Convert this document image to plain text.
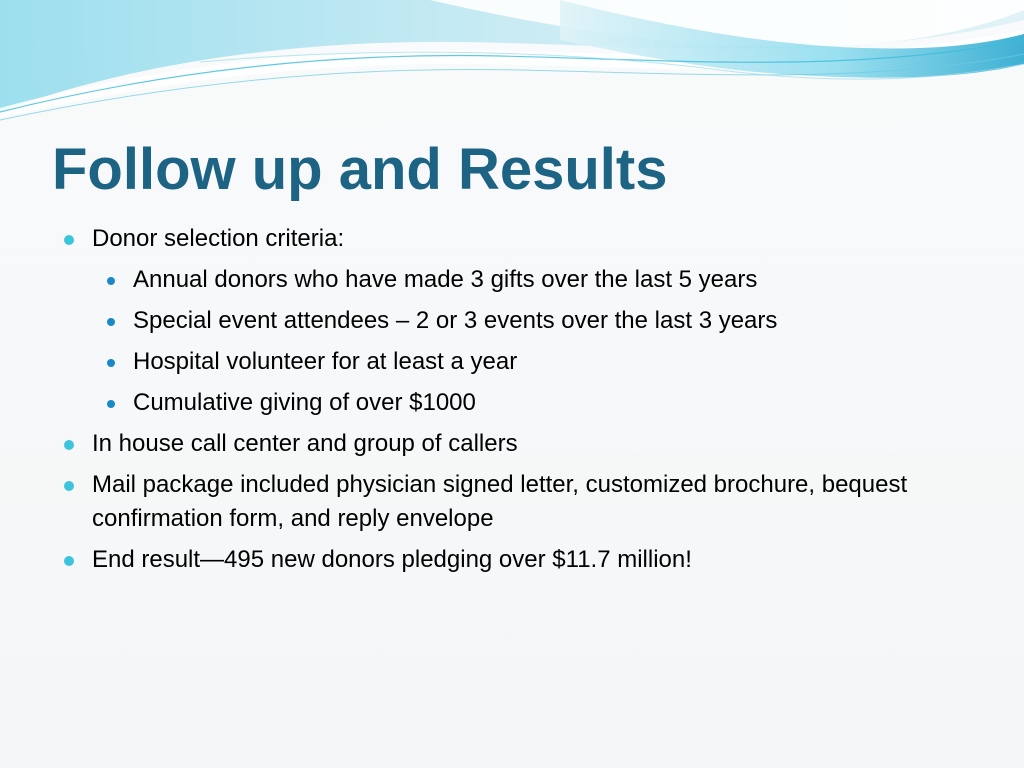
Follow up and Results
Donor selection criteria:
Annual donors who have made 3 gifts over the last 5 years
Special event attendees – 2 or 3 events over the last 3 years
Hospital volunteer for at least a year
Cumulative giving of over $1000
In house call center and group of callers
Mail package included physician signed letter, customized brochure, bequest confirmation form, and reply envelope
End result—495 new donors pledging over $11.7 million!
